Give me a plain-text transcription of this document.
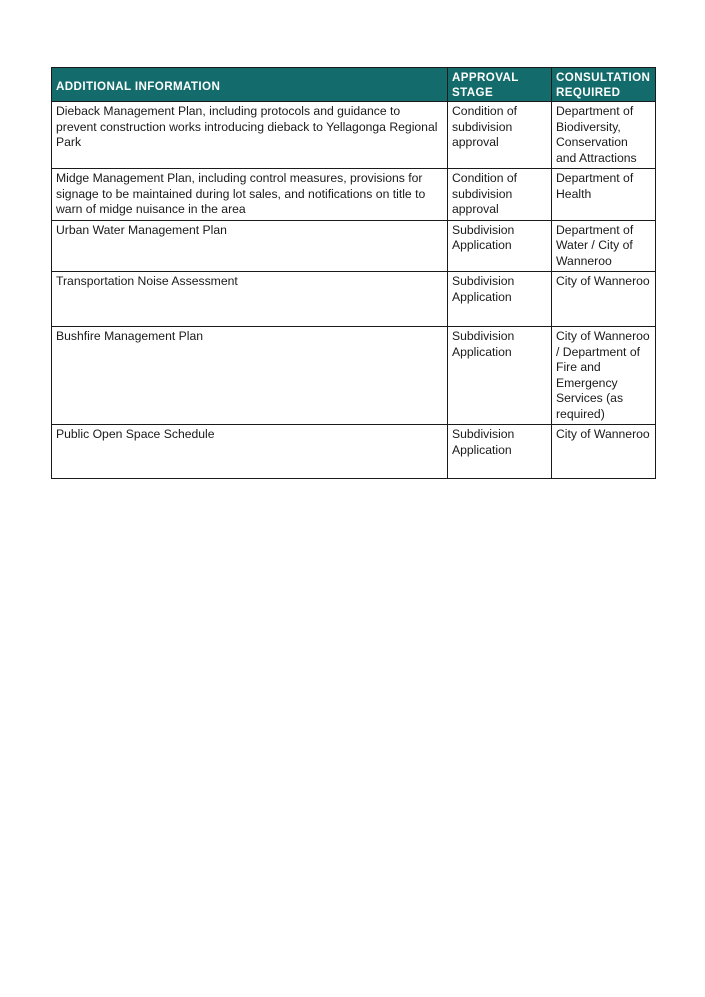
ADDITIONAL INFORMATION	APPROVAL STAGE	CONSULTATION REQUIRED
Dieback Management Plan, including protocols and guidance to prevent construction works introducing dieback to Yellagonga Regional Park	Condition of subdivision approval	Department of Biodiversity, Conservation and Attractions
Midge Management Plan, including control measures, provisions for signage to be maintained during lot sales, and notifications on title to warn of midge nuisance in the area	Condition of subdivision approval	Department of Health
Urban Water Management Plan	Subdivision Application	Department of Water / City of Wanneroo
Transportation Noise Assessment	Subdivision Application	City of Wanneroo
Bushfire Management Plan	Subdivision Application	City of Wanneroo / Department of Fire and Emergency Services (as required)
Public Open Space Schedule	Subdivision Application	City of Wanneroo
